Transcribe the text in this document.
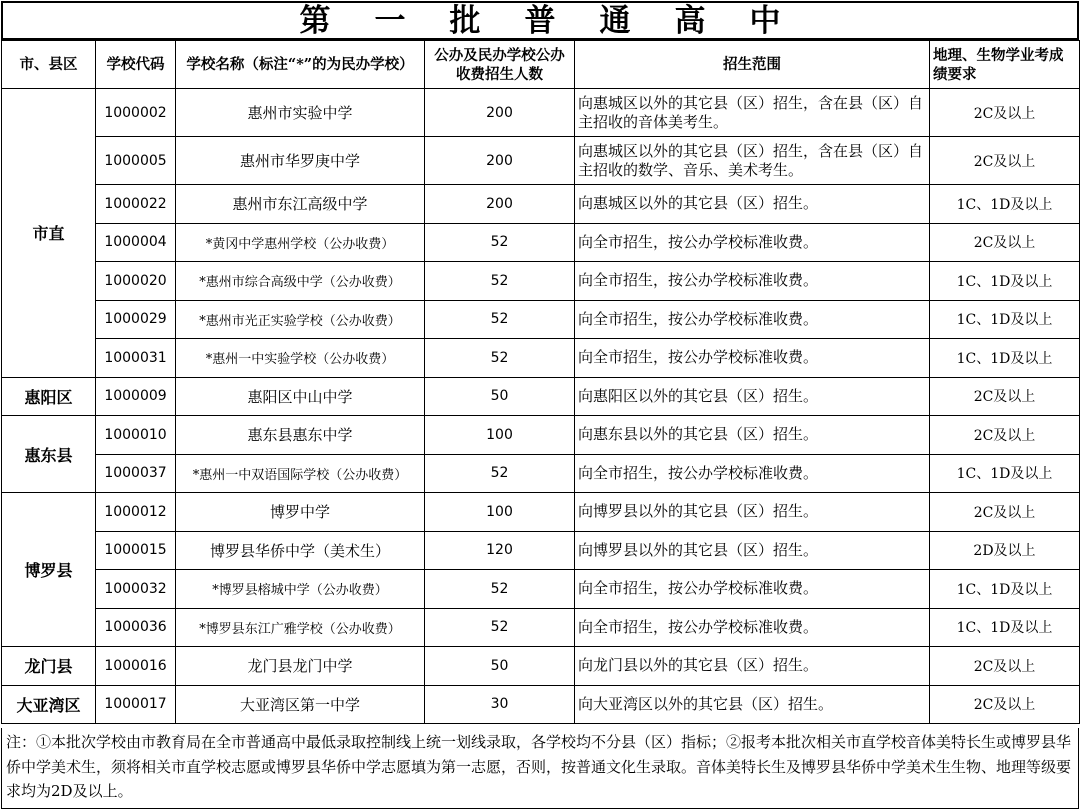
第一批普通高中
市、县区	学校代码	学校名称（标注“*”的为民办学校）	公办及民办学校公办收费招生人数	招生范围	地理、生物学业考成绩要求
市直	1000002	惠州市实验中学	200	向惠城区以外的其它县（区）招生，含在县（区）自主招收的音体美考生。	2C及以上
	1000005	惠州市华罗庚中学	200	向惠城区以外的其它县（区）招生，含在县（区）自主招收的数学、音乐、美术考生。	2C及以上
	1000022	惠州市东江高级中学	200	向惠城区以外的其它县（区）招生。	1C、1D及以上
	1000004	*黄冈中学惠州学校（公办收费）	52	向全市招生，按公办学校标准收费。	2C及以上
	1000020	*惠州市综合高级中学（公办收费）	52	向全市招生，按公办学校标准收费。	1C、1D及以上
	1000029	*惠州市光正实验学校（公办收费）	52	向全市招生，按公办学校标准收费。	1C、1D及以上
	1000031	*惠州一中实验学校（公办收费）	52	向全市招生，按公办学校标准收费。	1C、1D及以上
惠阳区	1000009	惠阳区中山中学	50	向惠阳区以外的其它县（区）招生。	2C及以上
惠东县	1000010	惠东县惠东中学	100	向惠东县以外的其它县（区）招生。	2C及以上
	1000037	*惠州一中双语国际学校（公办收费）	52	向全市招生，按公办学校标准收费。	1C、1D及以上
博罗县	1000012	博罗中学	100	向博罗县以外的其它县（区）招生。	2C及以上
	1000015	博罗县华侨中学（美术生）	120	向博罗县以外的其它县（区）招生。	2D及以上
	1000032	*博罗县榕城中学（公办收费）	52	向全市招生，按公办学校标准收费。	1C、1D及以上
	1000036	*博罗县东江广雅学校（公办收费）	52	向全市招生，按公办学校标准收费。	1C、1D及以上
龙门县	1000016	龙门县龙门中学	50	向龙门县以外的其它县（区）招生。	2C及以上
大亚湾区	1000017	大亚湾区第一中学	30	向大亚湾区以外的其它县（区）招生。	2C及以上
注：①本批次学校由市教育局在全市普通高中最低录取控制线上统一划线录取，各学校均不分县（区）指标；②报考本批次相关市直学校音体美特长生或博罗县华侨中学美术生，须将相关市直学校志愿或博罗县华侨中学志愿填为第一志愿，否则，按普通文化生录取。音体美特长生及博罗县华侨中学美术生生物、地理等级要求均为2D及以上。
